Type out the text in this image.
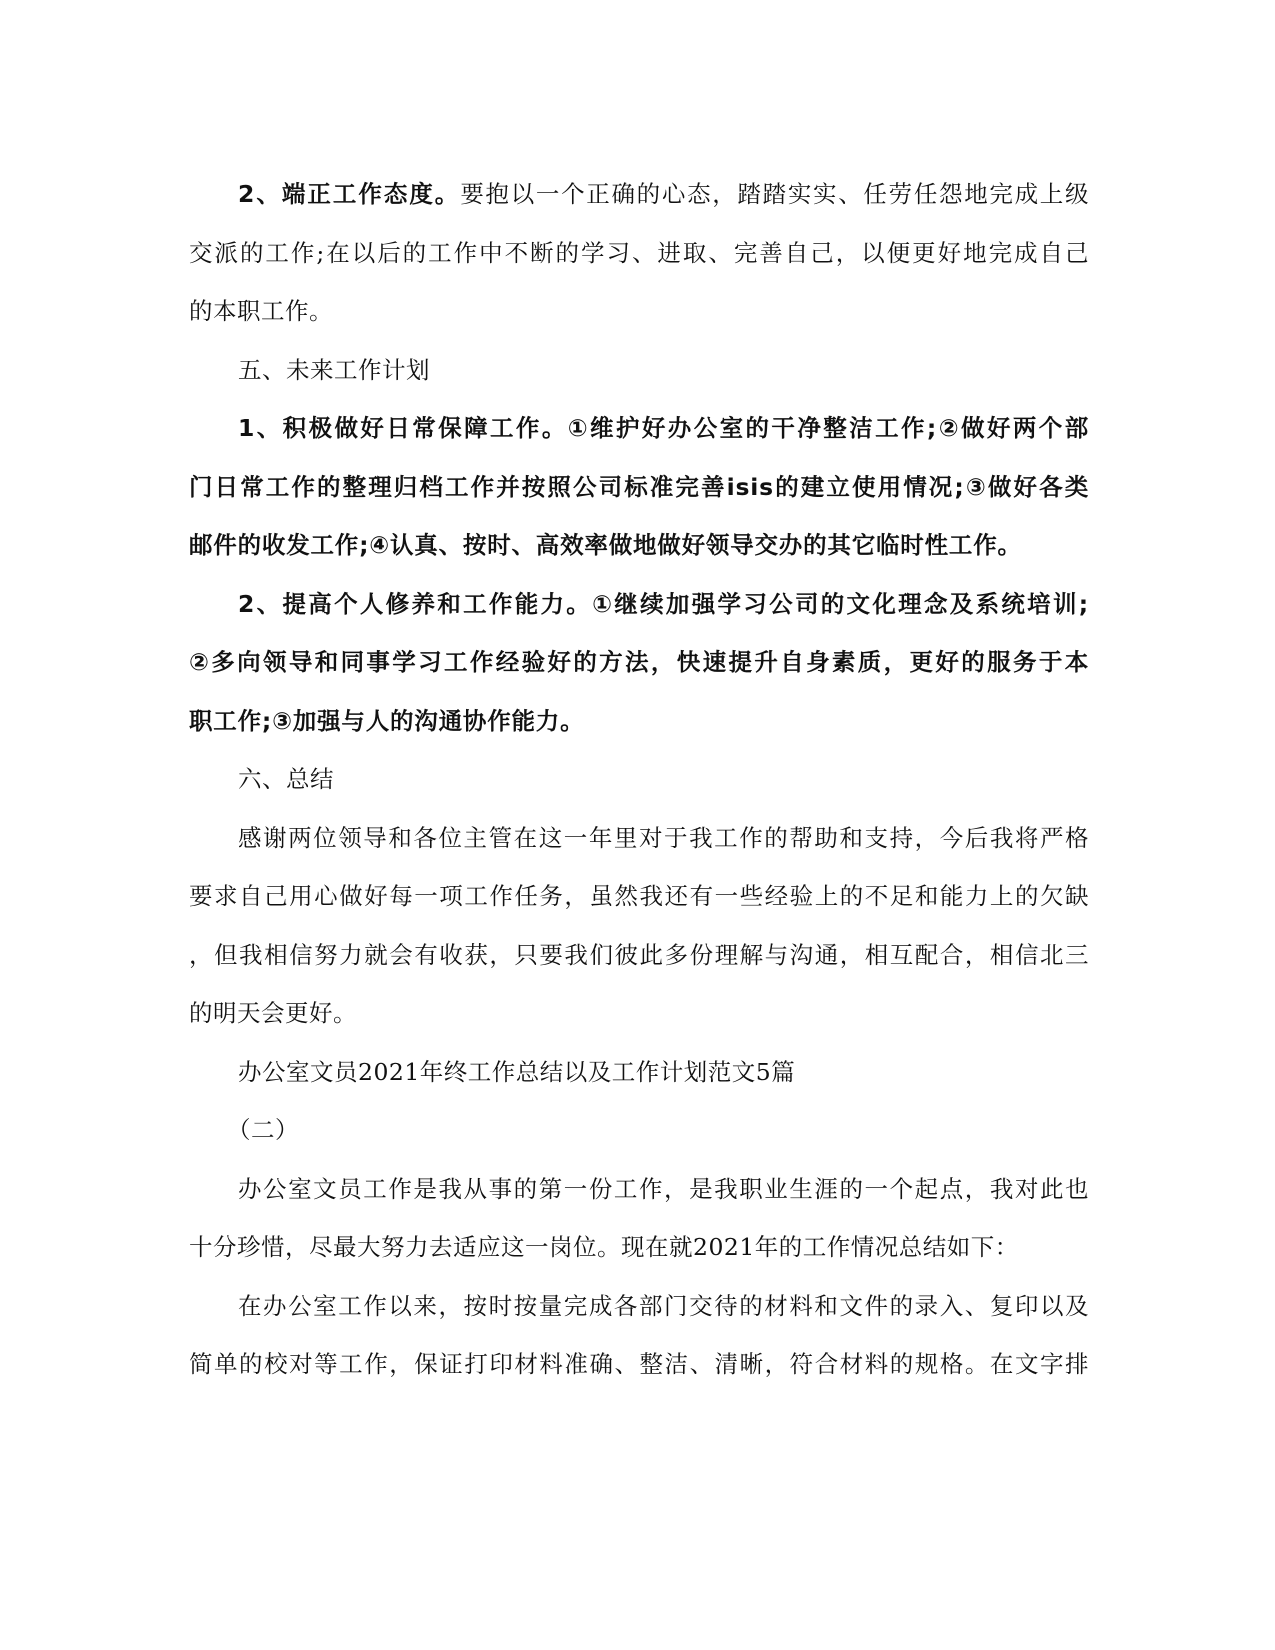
2、端正工作态度。要抱以一个正确的心态，踏踏实实、任劳任怨地完成上级
交派的工作;在以后的工作中不断的学习、进取、完善自己，以便更好地完成自己
的本职工作。
五、未来工作计划
1、积极做好日常保障工作。①维护好办公室的干净整洁工作;②做好两个部
门日常工作的整理归档工作并按照公司标准完善isis的建立使用情况;③做好各类
邮件的收发工作;④认真、按时、高效率做地做好领导交办的其它临时性工作。
2、提高个人修养和工作能力。①继续加强学习公司的文化理念及系统培训;
②多向领导和同事学习工作经验好的方法，快速提升自身素质，更好的服务于本
职工作;③加强与人的沟通协作能力。
六、总结
感谢两位领导和各位主管在这一年里对于我工作的帮助和支持，今后我将严格
要求自己用心做好每一项工作任务，虽然我还有一些经验上的不足和能力上的欠缺
，但我相信努力就会有收获，只要我们彼此多份理解与沟通，相互配合，相信北三
的明天会更好。
办公室文员2021年终工作总结以及工作计划范文5篇
（二）
办公室文员工作是我从事的第一份工作，是我职业生涯的一个起点，我对此也
十分珍惜，尽最大努力去适应这一岗位。现在就2021年的工作情况总结如下：
在办公室工作以来，按时按量完成各部门交待的材料和文件的录入、复印以及
简单的校对等工作，保证打印材料准确、整洁、清晰，符合材料的规格。在文字排
